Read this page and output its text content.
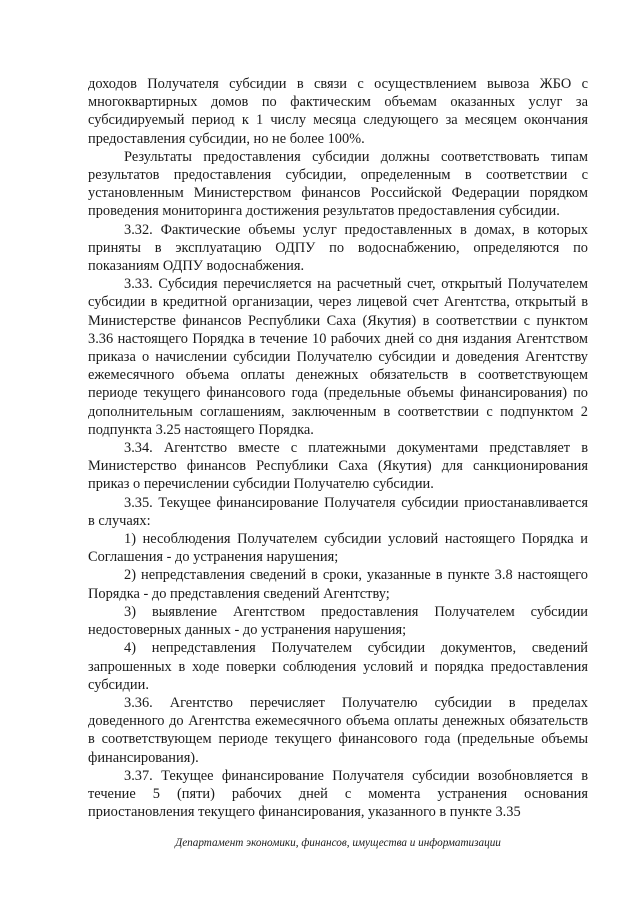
доходов Получателя субсидии в связи с осуществлением вывоза ЖБО с многоквартирных домов по фактическим объемам оказанных услуг за субсидируемый период к 1 числу месяца следующего за месяцем окончания предоставления субсидии, но не более 100%.

Результаты предоставления субсидии должны соответствовать типам результатов предоставления субсидии, определенным в соответствии с установленным Министерством финансов Российской Федерации порядком проведения мониторинга достижения результатов предоставления субсидии.

3.32. Фактические объемы услуг предоставленных в домах, в которых приняты в эксплуатацию ОДПУ по водоснабжению, определяются по показаниям ОДПУ водоснабжения.

3.33. Субсидия перечисляется на расчетный счет, открытый Получателем субсидии в кредитной организации, через лицевой счет Агентства, открытый в Министерстве финансов Республики Саха (Якутия) в соответствии с пунктом 3.36 настоящего Порядка в течение 10 рабочих дней со дня издания Агентством приказа о начислении субсидии Получателю субсидии и доведения Агентству ежемесячного объема оплаты денежных обязательств в соответствующем периоде текущего финансового года (предельные объемы финансирования) по дополнительным соглашениям, заключенным в соответствии с подпунктом 2 подпункта 3.25 настоящего Порядка.

3.34. Агентство вместе с платежными документами представляет в Министерство финансов Республики Саха (Якутия) для санкционирования приказ о перечислении субсидии Получателю субсидии.

3.35. Текущее финансирование Получателя субсидии приостанавливается в случаях:

1) несоблюдения Получателем субсидии условий настоящего Порядка и Соглашения - до устранения нарушения;

2) непредставления сведений в сроки, указанные в пункте 3.8 настоящего Порядка - до представления сведений Агентству;

3) выявление Агентством предоставления Получателем субсидии недостоверных данных - до устранения нарушения;

4) непредставления Получателем субсидии документов, сведений запрошенных в ходе поверки соблюдения условий и порядка предоставления субсидии.

3.36. Агентство перечисляет Получателю субсидии в пределах доведенного до Агентства ежемесячного объема оплаты денежных обязательств в соответствующем периоде текущего финансового года (предельные объемы финансирования).

3.37. Текущее финансирование Получателя субсидии возобновляется в течение 5 (пяти) рабочих дней с момента устранения основания приостановления текущего финансирования, указанного в пункте 3.35

Департамент экономики, финансов, имущества и информатизации
